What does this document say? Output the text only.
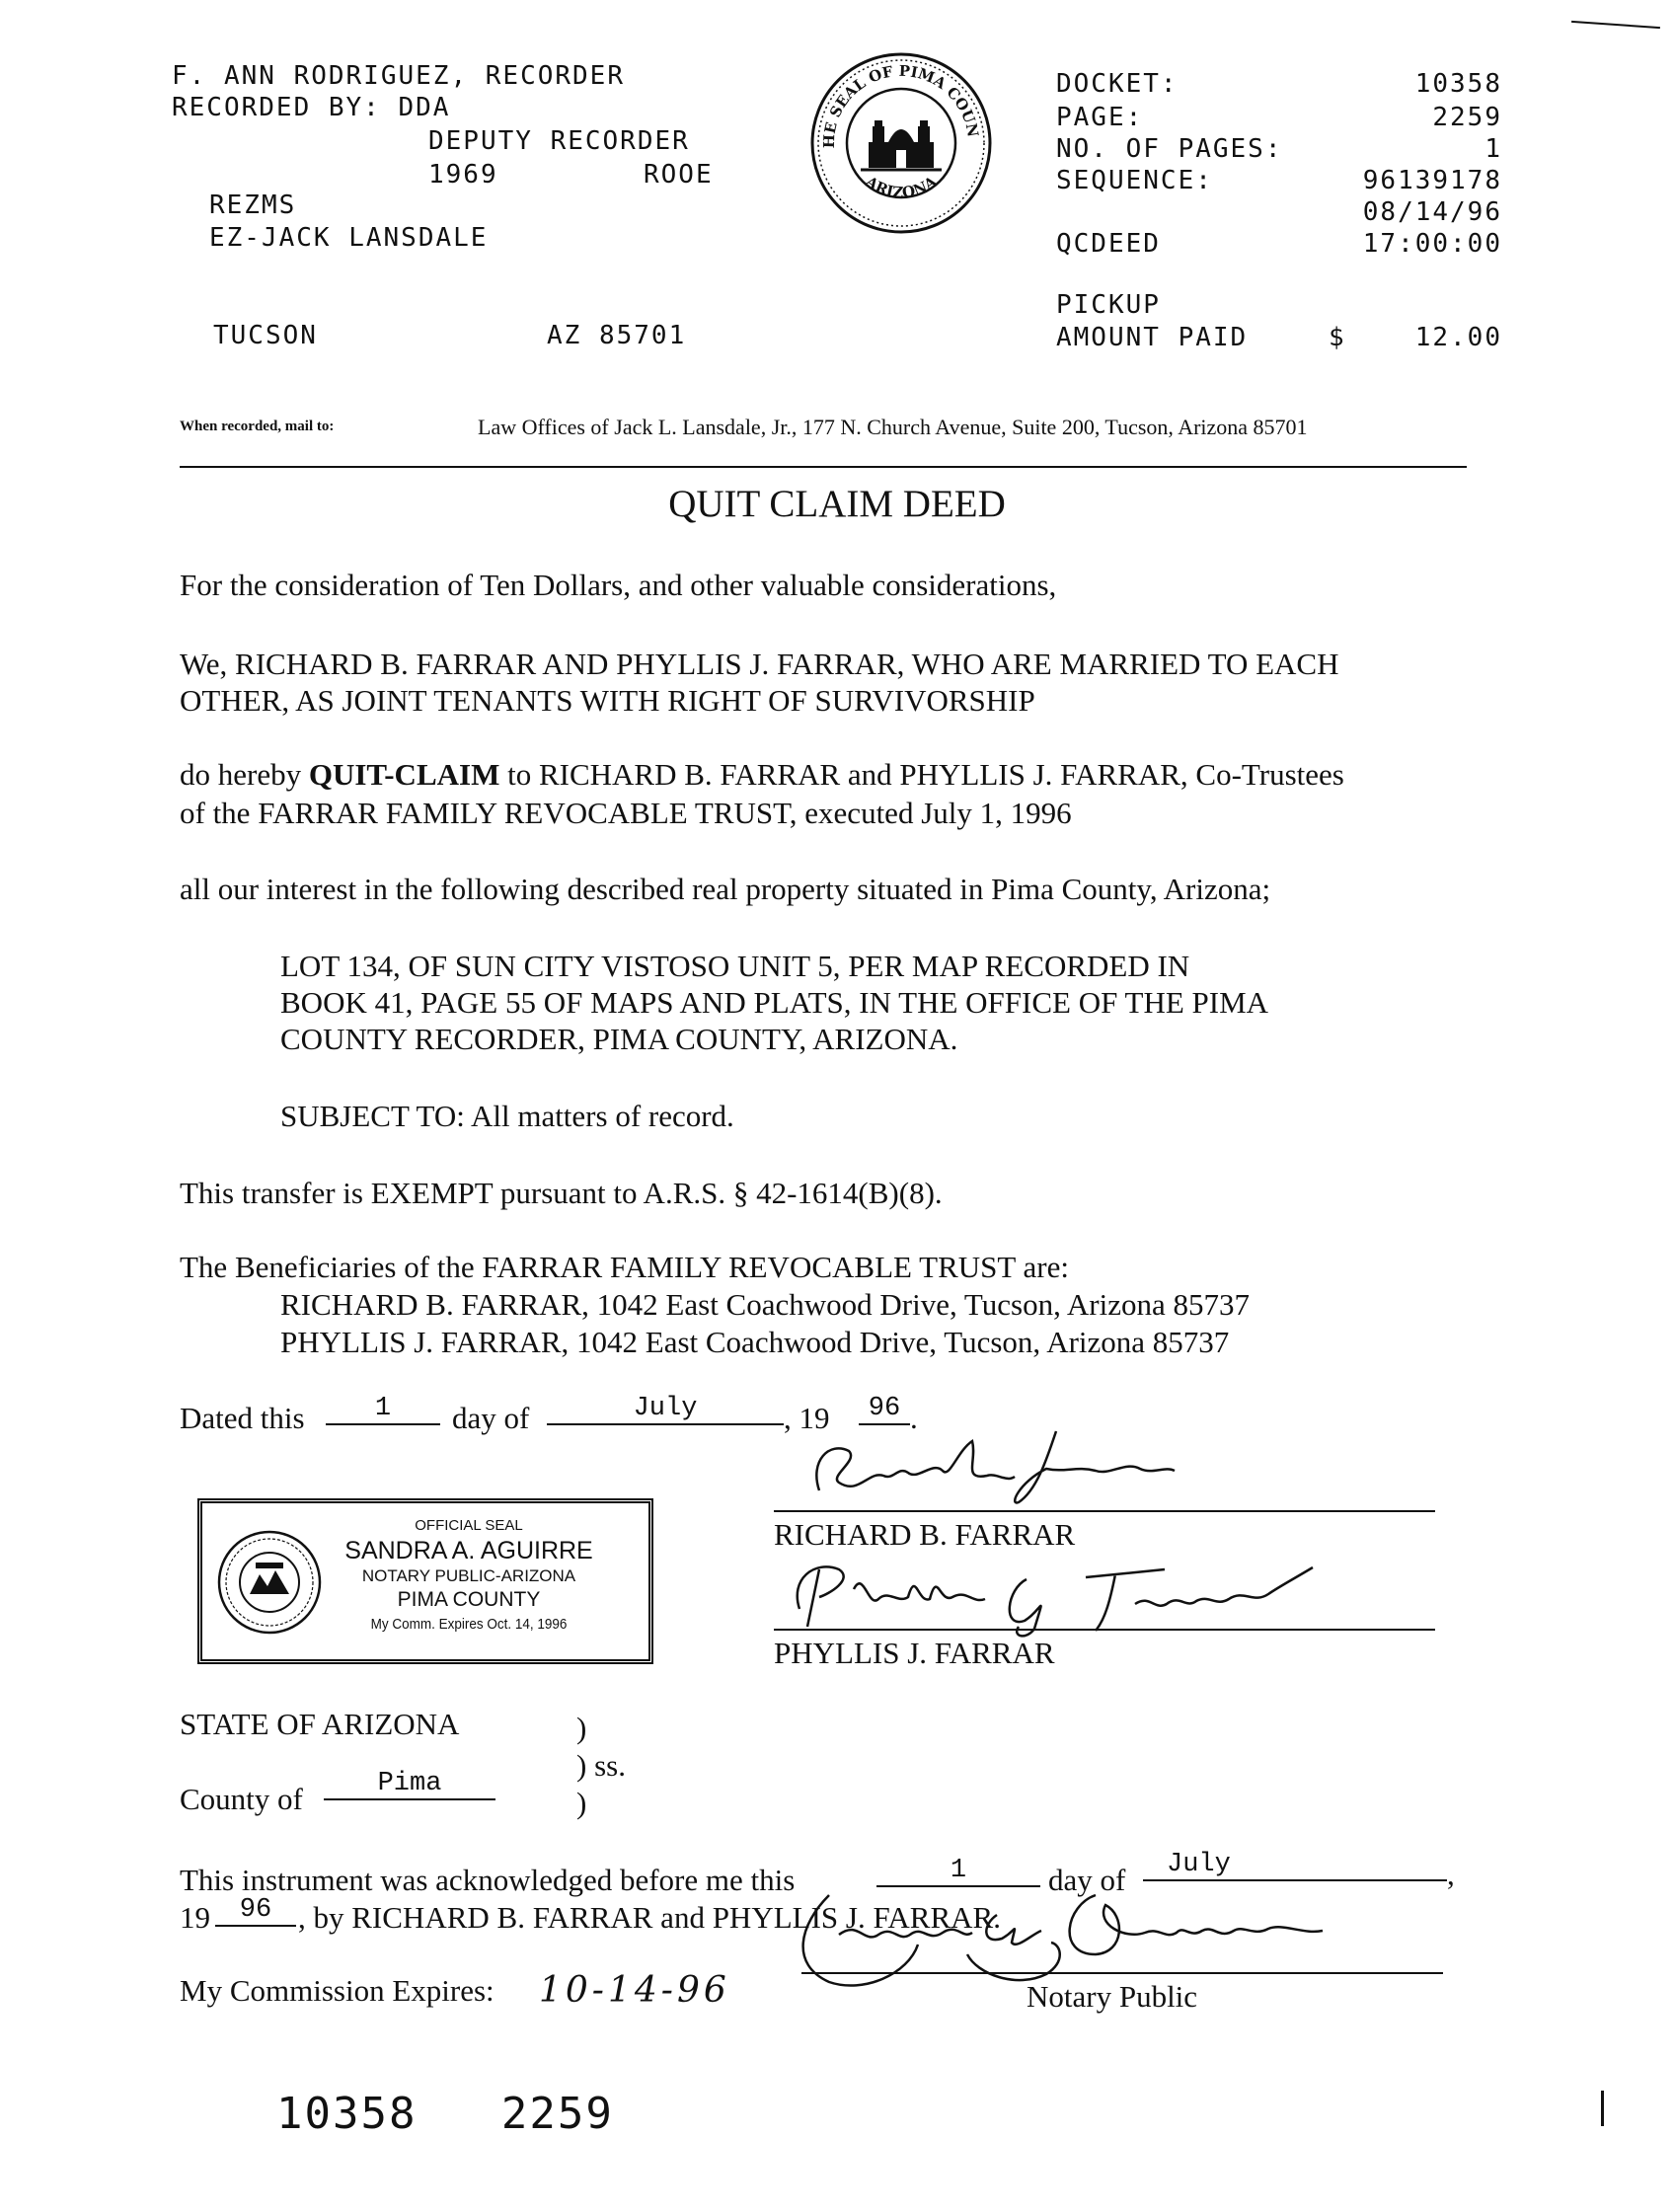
F. ANN RODRIGUEZ, RECORDER
RECORDED BY: DDA
DEPUTY RECORDER
1969	ROOE
REZMS
EZ-JACK LANSDALE
TUCSON	AZ 85701
HE SEAL OF PIMA COUN
ARIZONA
DOCKET:	10358
PAGE:	2259
NO. OF PAGES:	1
SEQUENCE:	96139178
08/14/96
QCDEED	17:00:00
PICKUP
AMOUNT PAID	$	12.00
When recorded, mail to:	Law Offices of Jack L. Lansdale, Jr., 177 N. Church Avenue, Suite 200, Tucson, Arizona 85701
QUIT CLAIM DEED
For the consideration of Ten Dollars, and other valuable considerations,
We, RICHARD B. FARRAR AND PHYLLIS J. FARRAR, WHO ARE MARRIED TO EACH
OTHER, AS JOINT TENANTS WITH RIGHT OF SURVIVORSHIP
do hereby QUIT-CLAIM to RICHARD B. FARRAR and PHYLLIS J. FARRAR, Co-Trustees
of the FARRAR FAMILY REVOCABLE TRUST, executed July 1, 1996
all our interest in the following described real property situated in Pima County, Arizona;
LOT 134, OF SUN CITY VISTOSO UNIT 5, PER MAP RECORDED IN
BOOK 41, PAGE 55 OF MAPS AND PLATS, IN THE OFFICE OF THE PIMA
COUNTY RECORDER, PIMA COUNTY, ARIZONA.
SUBJECT TO: All matters of record.
This transfer is EXEMPT pursuant to A.R.S. § 42-1614(B)(8).
The Beneficiaries of the FARRAR FAMILY REVOCABLE TRUST are:
RICHARD B. FARRAR, 1042 East Coachwood Drive, Tucson, Arizona 85737
PHYLLIS J. FARRAR, 1042 East Coachwood Drive, Tucson, Arizona 85737
Dated this	1	day of	July	, 19	96 .
OFFICIAL SEAL
SANDRA A. AGUIRRE
NOTARY PUBLIC-ARIZONA
PIMA COUNTY
My Comm. Expires Oct. 14, 1996
RICHARD B. FARRAR
PHYLLIS J. FARRAR
STATE OF ARIZONA	)
) ss.
)
County of	Pima
This instrument was acknowledged before me this	1	day of	July	,
19	96 , by RICHARD B. FARRAR and PHYLLIS J. FARRAR.
My Commission Expires: 10-14-96	Notary Public
10358   2259
